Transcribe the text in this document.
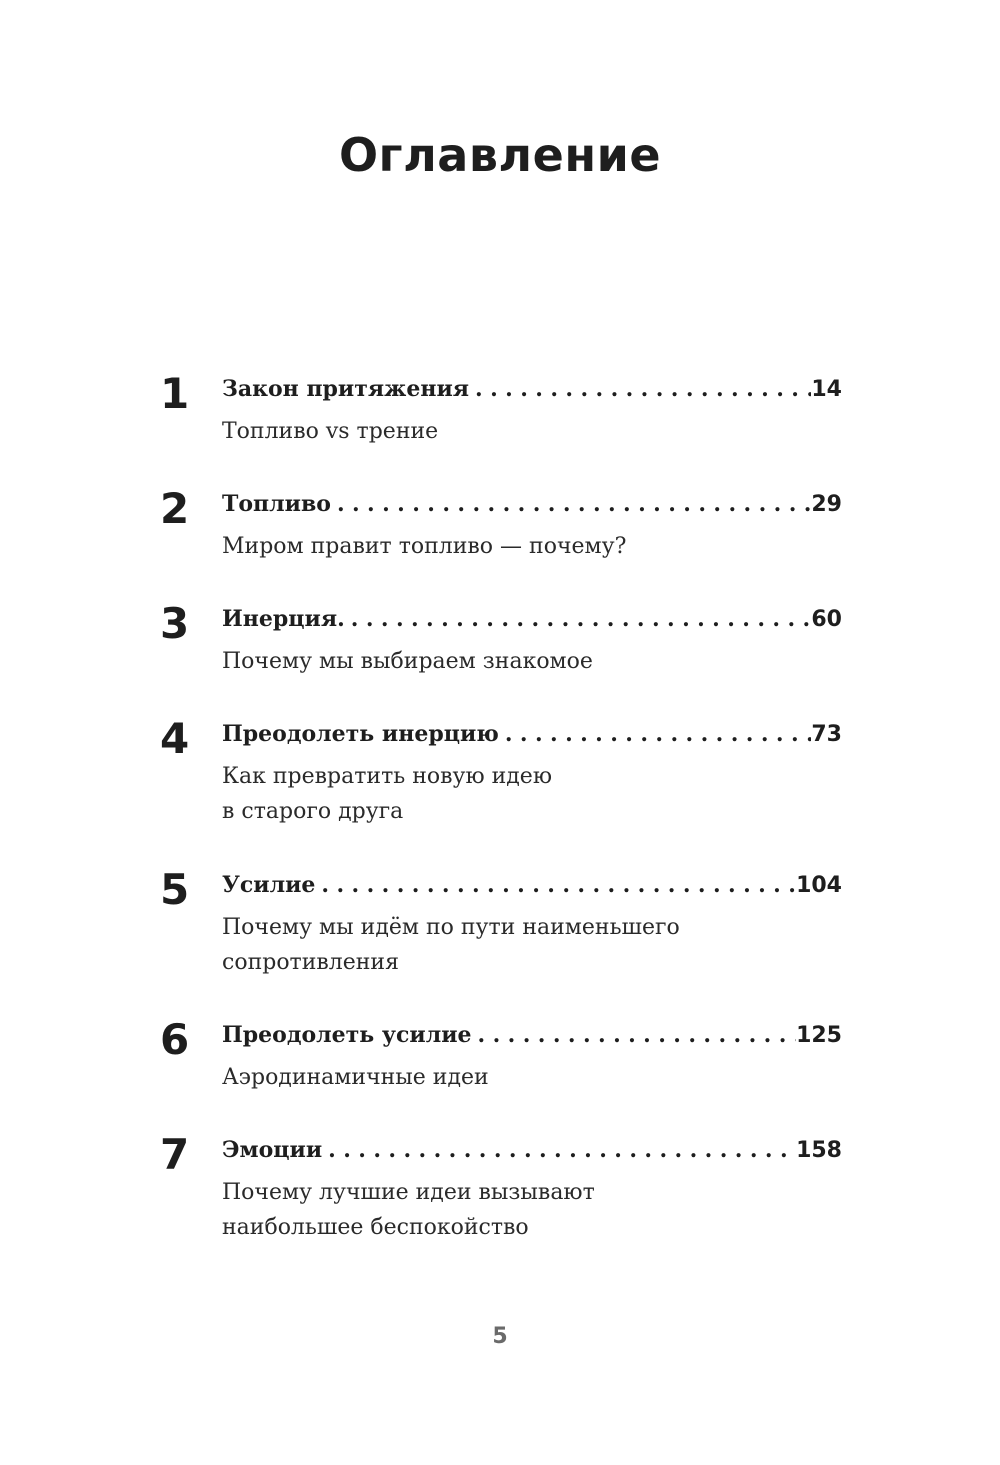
Оглавление
1	Закон притяжения .....	14
Топливо vs трение
2	Топливо .....	29
Миром правит топливо — почему?
3	Инерция. .....	60
Почему мы выбираем знакомое
4	Преодолеть инерцию .....	73
Как превратить новую идею
в старого друга
5	Усилие .....	104
Почему мы идём по пути наименьшего
сопротивления
6	Преодолеть усилие .....	125
Аэродинамичные идеи
7	Эмоции .....	158
Почему лучшие идеи вызывают
наибольшее беспокойство
5
